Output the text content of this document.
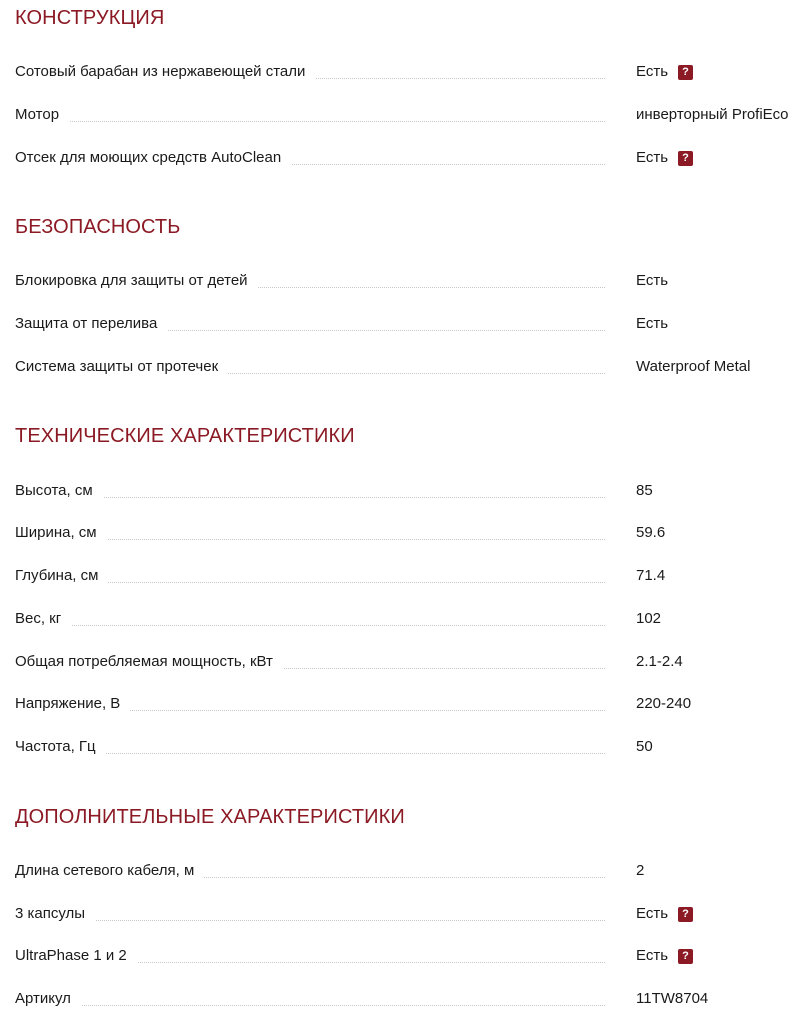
КОНСТРУКЦИЯ
Сотовый барабан из нержавеющей стали	Есть ?
Мотор	инверторный ProfiEco
Отсек для моющих средств AutoClean	Есть ?
БЕЗОПАСНОСТЬ
Блокировка для защиты от детей	Есть
Защита от перелива	Есть
Система защиты от протечек	Waterproof Metal
ТЕХНИЧЕСКИЕ ХАРАКТЕРИСТИКИ
Высота, см	85
Ширина, см	59.6
Глубина, см	71.4
Вес, кг	102
Общая потребляемая мощность, кВт	2.1-2.4
Напряжение, В	220-240
Частота, Гц	50
ДОПОЛНИТЕЛЬНЫЕ ХАРАКТЕРИСТИКИ
Длина сетевого кабеля, м	2
3 капсулы	Есть ?
UltraPhase 1 и 2	Есть ?
Артикул	11TW8704
